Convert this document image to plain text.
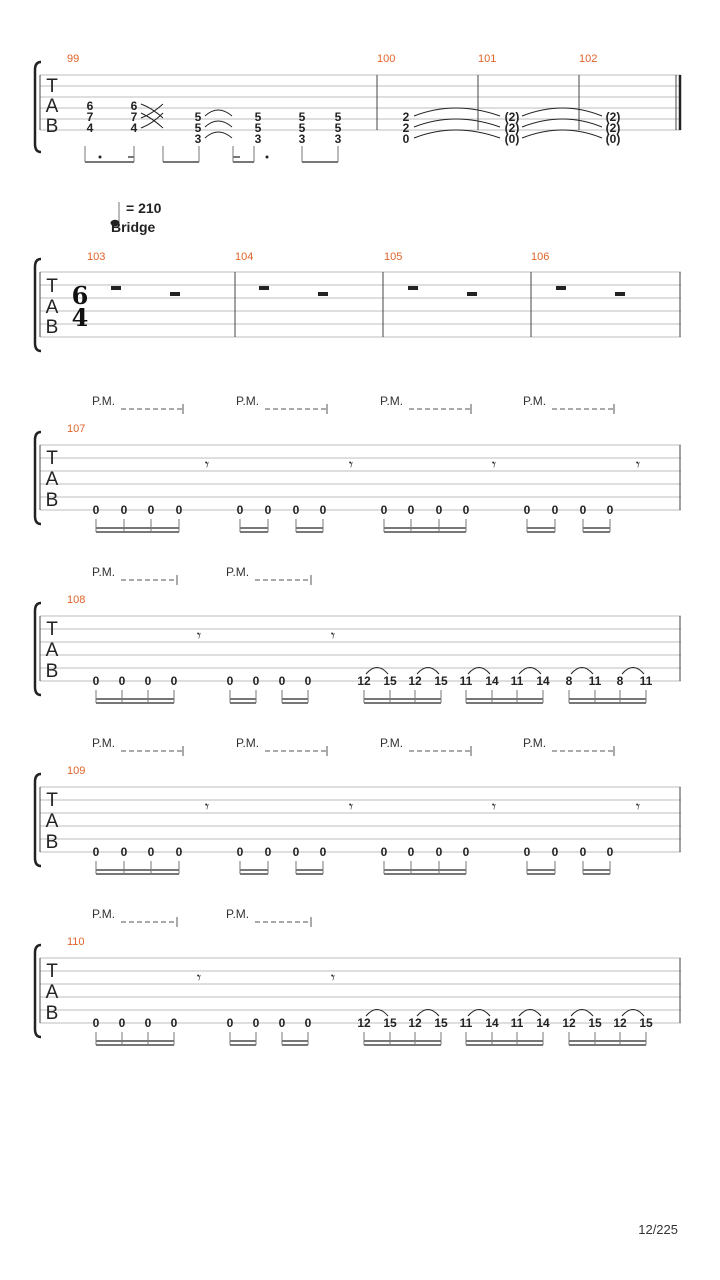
T
A
B
99	100	101	102
6
7
4
6
7
4
5
5
3
5
5
3
5
5
3
5
5
3
2
2
0
(2)
(2)
(0)
(2)
(2)
(0)
= 210
Bridge
T
A
B
6
4
103	104	105	106
P.M.	P.M.	P.M.	P.M.
107
T
A
B
𝄾	𝄾	𝄾	𝄾
0 0 0 0	0 0 0 0	0 0 0 0	0 0 0 0
P.M.	P.M.
108
T
A
B
𝄾	𝄾
0 0 0 0	0 0 0 0	12 15 12 15 11 14 11 14 8 11 8 11
P.M.	P.M.	P.M.	P.M.
109
T
A
B
𝄾	𝄾	𝄾	𝄾
0 0 0 0	0 0 0 0	0 0 0 0	0 0 0 0
P.M.	P.M.
110
T
A
B
𝄾	𝄾
0 0 0 0	0 0 0 0	12 15 12 15 11 14 11 14 12 15 12 15
12/225
